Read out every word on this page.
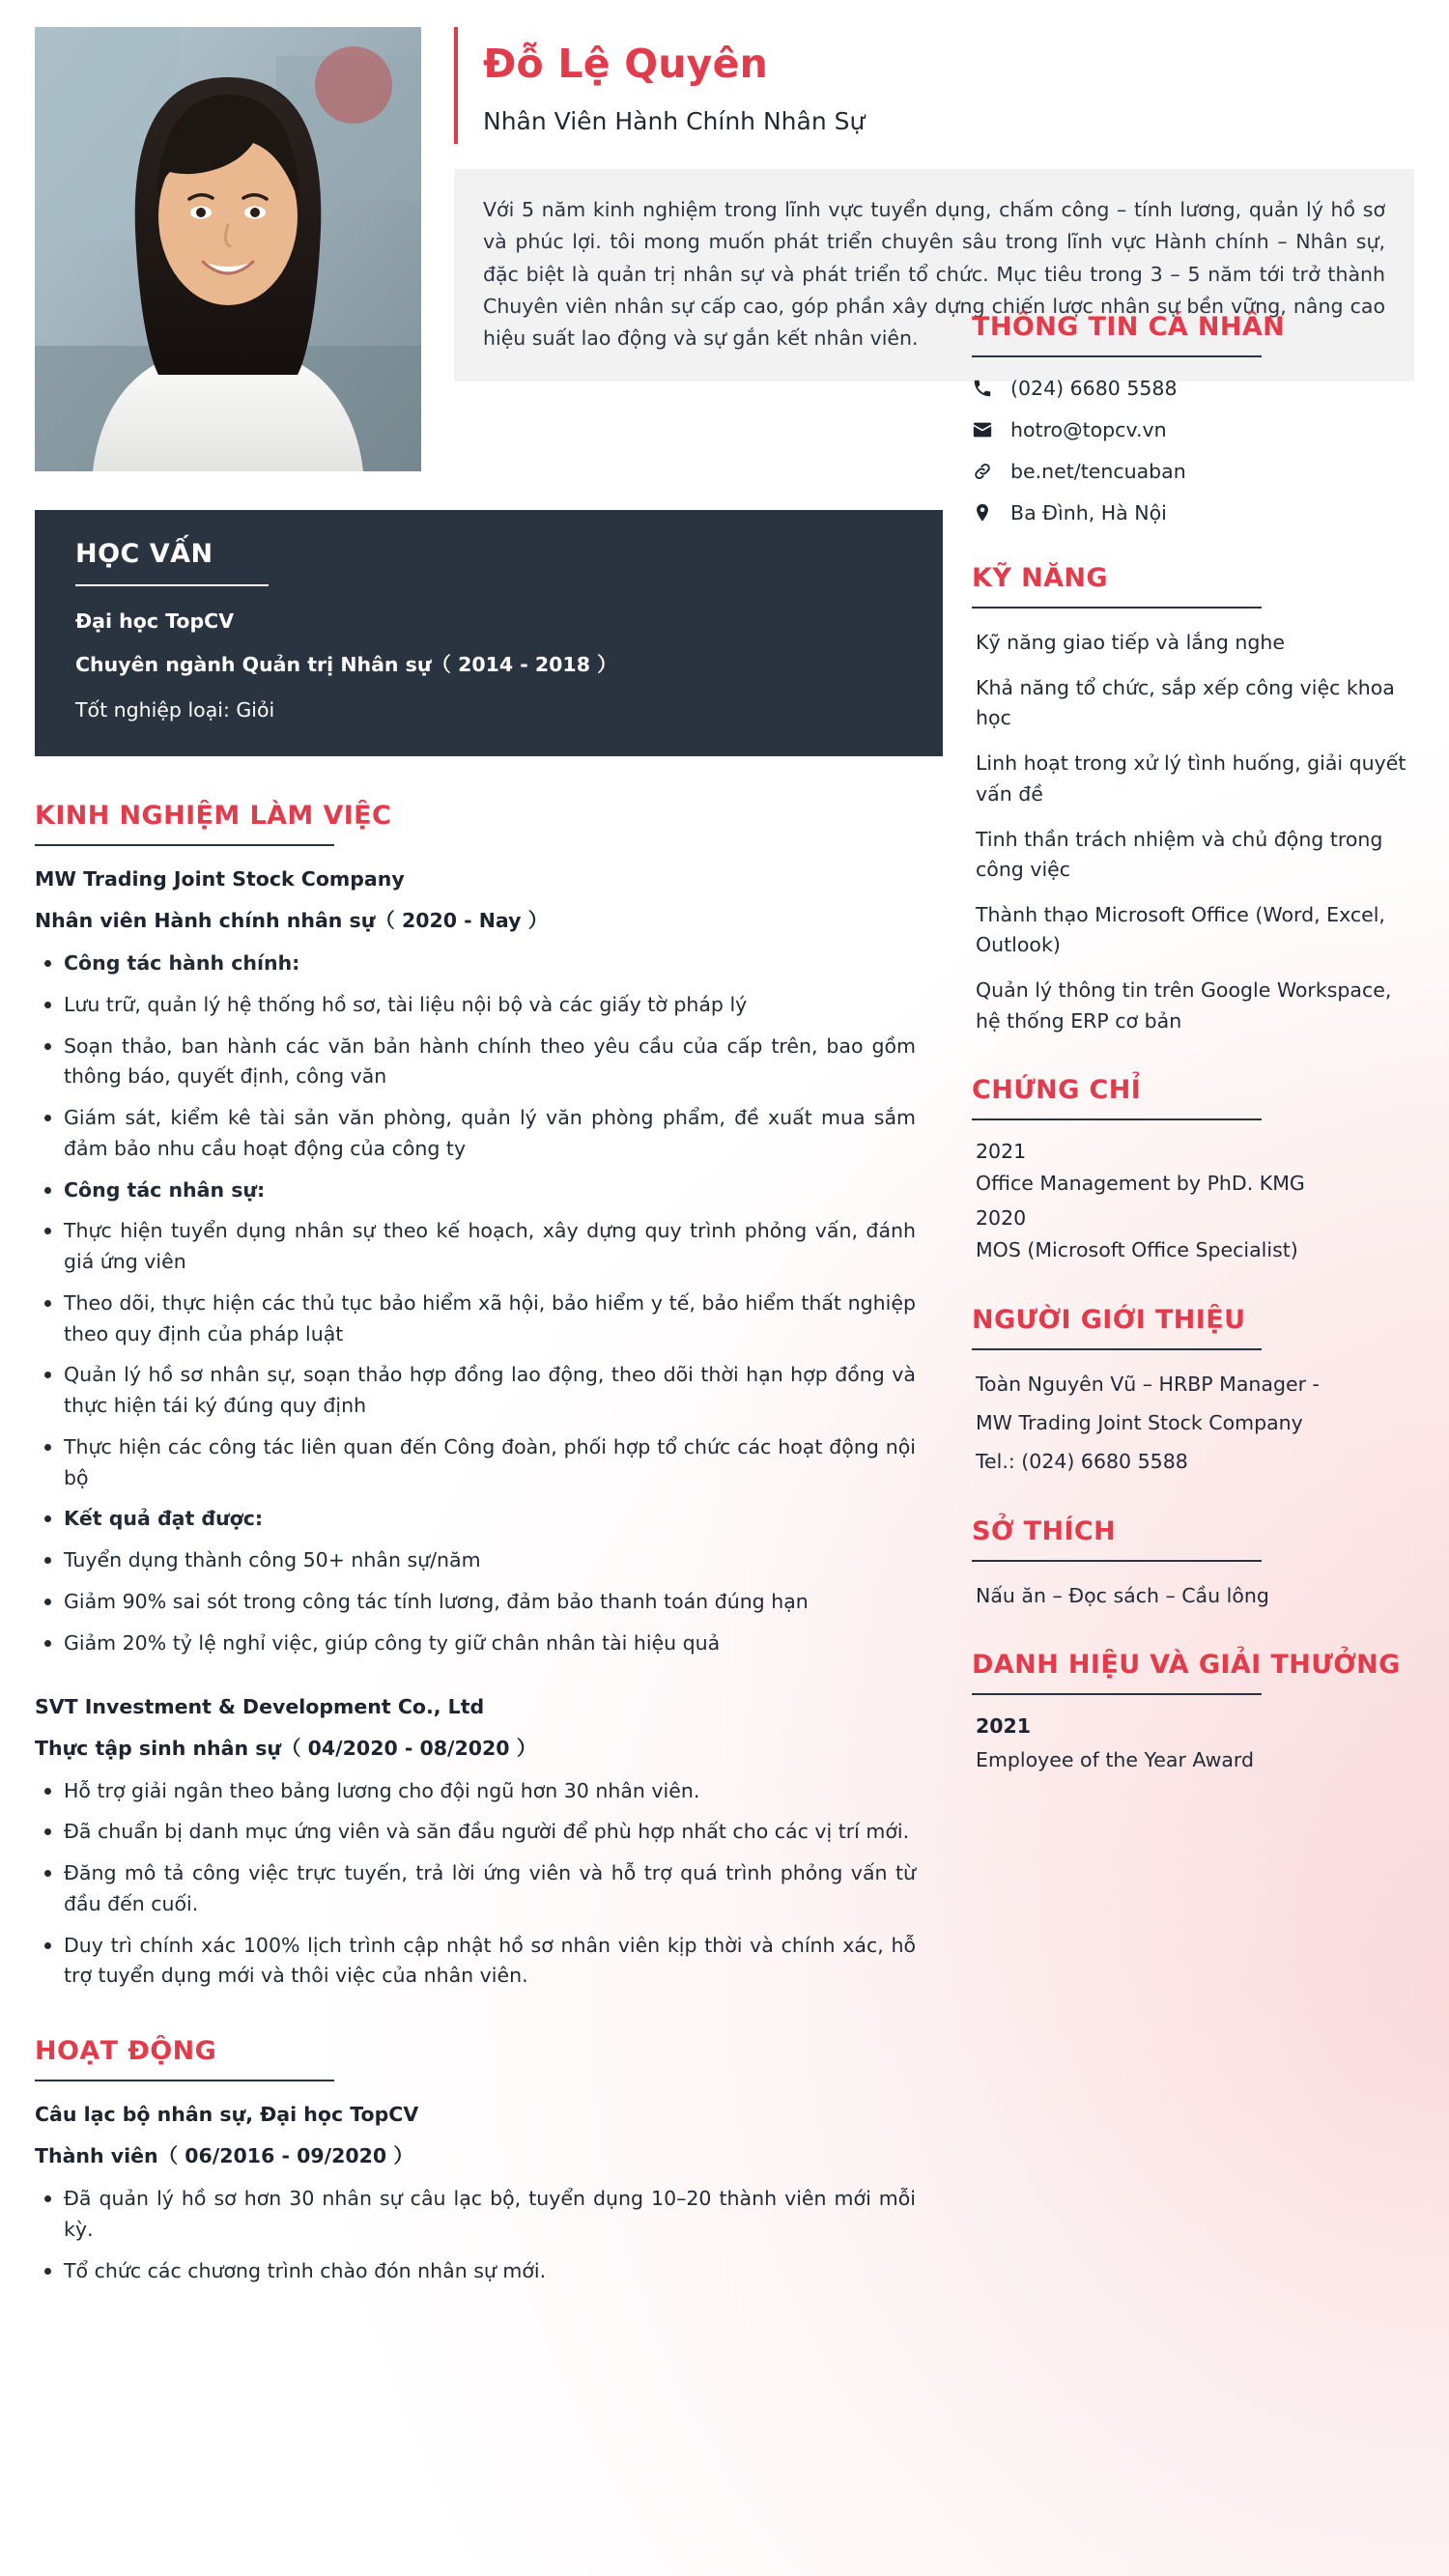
Đỗ Lệ Quyên
Nhân Viên Hành Chính Nhân Sự
Với 5 năm kinh nghiệm trong lĩnh vực tuyển dụng, chấm công – tính lương, quản lý hồ sơ và phúc lợi. tôi mong muốn phát triển chuyên sâu trong lĩnh vực Hành chính – Nhân sự, đặc biệt là quản trị nhân sự và phát triển tổ chức. Mục tiêu trong 3 – 5 năm tới trở thành Chuyên viên nhân sự cấp cao, góp phần xây dựng chiến lược nhân sự bền vững, nâng cao hiệu suất lao động và sự gắn kết nhân viên.
HỌC VẤN
Đại học TopCV
Chuyên ngành Quản trị Nhân sự（ 2014 - 2018 ）
Tốt nghiệp loại: Giỏi
KINH NGHIỆM LÀM VIỆC
MW Trading Joint Stock Company
Nhân viên Hành chính nhân sự（ 2020 - Nay ）
Công tác hành chính:
Lưu trữ, quản lý hệ thống hồ sơ, tài liệu nội bộ và các giấy tờ pháp lý
Soạn thảo, ban hành các văn bản hành chính theo yêu cầu của cấp trên, bao gồm thông báo, quyết định, công văn
Giám sát, kiểm kê tài sản văn phòng, quản lý văn phòng phẩm, đề xuất mua sắm đảm bảo nhu cầu hoạt động của công ty
Công tác nhân sự:
Thực hiện tuyển dụng nhân sự theo kế hoạch, xây dựng quy trình phỏng vấn, đánh giá ứng viên
Theo dõi, thực hiện các thủ tục bảo hiểm xã hội, bảo hiểm y tế, bảo hiểm thất nghiệp theo quy định của pháp luật
Quản lý hồ sơ nhân sự, soạn thảo hợp đồng lao động, theo dõi thời hạn hợp đồng và thực hiện tái ký đúng quy định
Thực hiện các công tác liên quan đến Công đoàn, phối hợp tổ chức các hoạt động nội bộ
Kết quả đạt được:
Tuyển dụng thành công 50+ nhân sự/năm
Giảm 90% sai sót trong công tác tính lương, đảm bảo thanh toán đúng hạn
Giảm 20% tỷ lệ nghỉ việc, giúp công ty giữ chân nhân tài hiệu quả
SVT Investment & Development Co., Ltd
Thực tập sinh nhân sự（ 04/2020 - 08/2020 ）
Hỗ trợ giải ngân theo bảng lương cho đội ngũ hơn 30 nhân viên.
Đã chuẩn bị danh mục ứng viên và săn đầu người để phù hợp nhất cho các vị trí mới.
Đăng mô tả công việc trực tuyến, trả lời ứng viên và hỗ trợ quá trình phỏng vấn từ đầu đến cuối.
Duy trì chính xác 100% lịch trình cập nhật hồ sơ nhân viên kịp thời và chính xác, hỗ trợ tuyển dụng mới và thôi việc của nhân viên.
HOẠT ĐỘNG
Câu lạc bộ nhân sự, Đại học TopCV
Thành viên（ 06/2016 - 09/2020 ）
Đã quản lý hồ sơ hơn 30 nhân sự câu lạc bộ, tuyển dụng 10–20 thành viên mới mỗi kỳ.
Tổ chức các chương trình chào đón nhân sự mới.
THÔNG TIN CÁ NHÂN
(024) 6680 5588
hotro@topcv.vn
be.net/tencuaban
Ba Đình, Hà Nội
KỸ NĂNG
Kỹ năng giao tiếp và lắng nghe
Khả năng tổ chức, sắp xếp công việc khoa học
Linh hoạt trong xử lý tình huống, giải quyết vấn đề
Tinh thần trách nhiệm và chủ động trong công việc
Thành thạo Microsoft Office (Word, Excel, Outlook)
Quản lý thông tin trên Google Workspace, hệ thống ERP cơ bản
CHỨNG CHỈ
2021
Office Management by PhD. KMG
2020
MOS (Microsoft Office Specialist)
NGƯỜI GIỚI THIỆU
Toàn Nguyên Vũ – HRBP Manager -
MW Trading Joint Stock Company
Tel.: (024) 6680 5588
SỞ THÍCH
Nấu ăn – Đọc sách – Cầu lông
DANH HIỆU VÀ GIẢI THƯỞNG
2021
Employee of the Year Award
